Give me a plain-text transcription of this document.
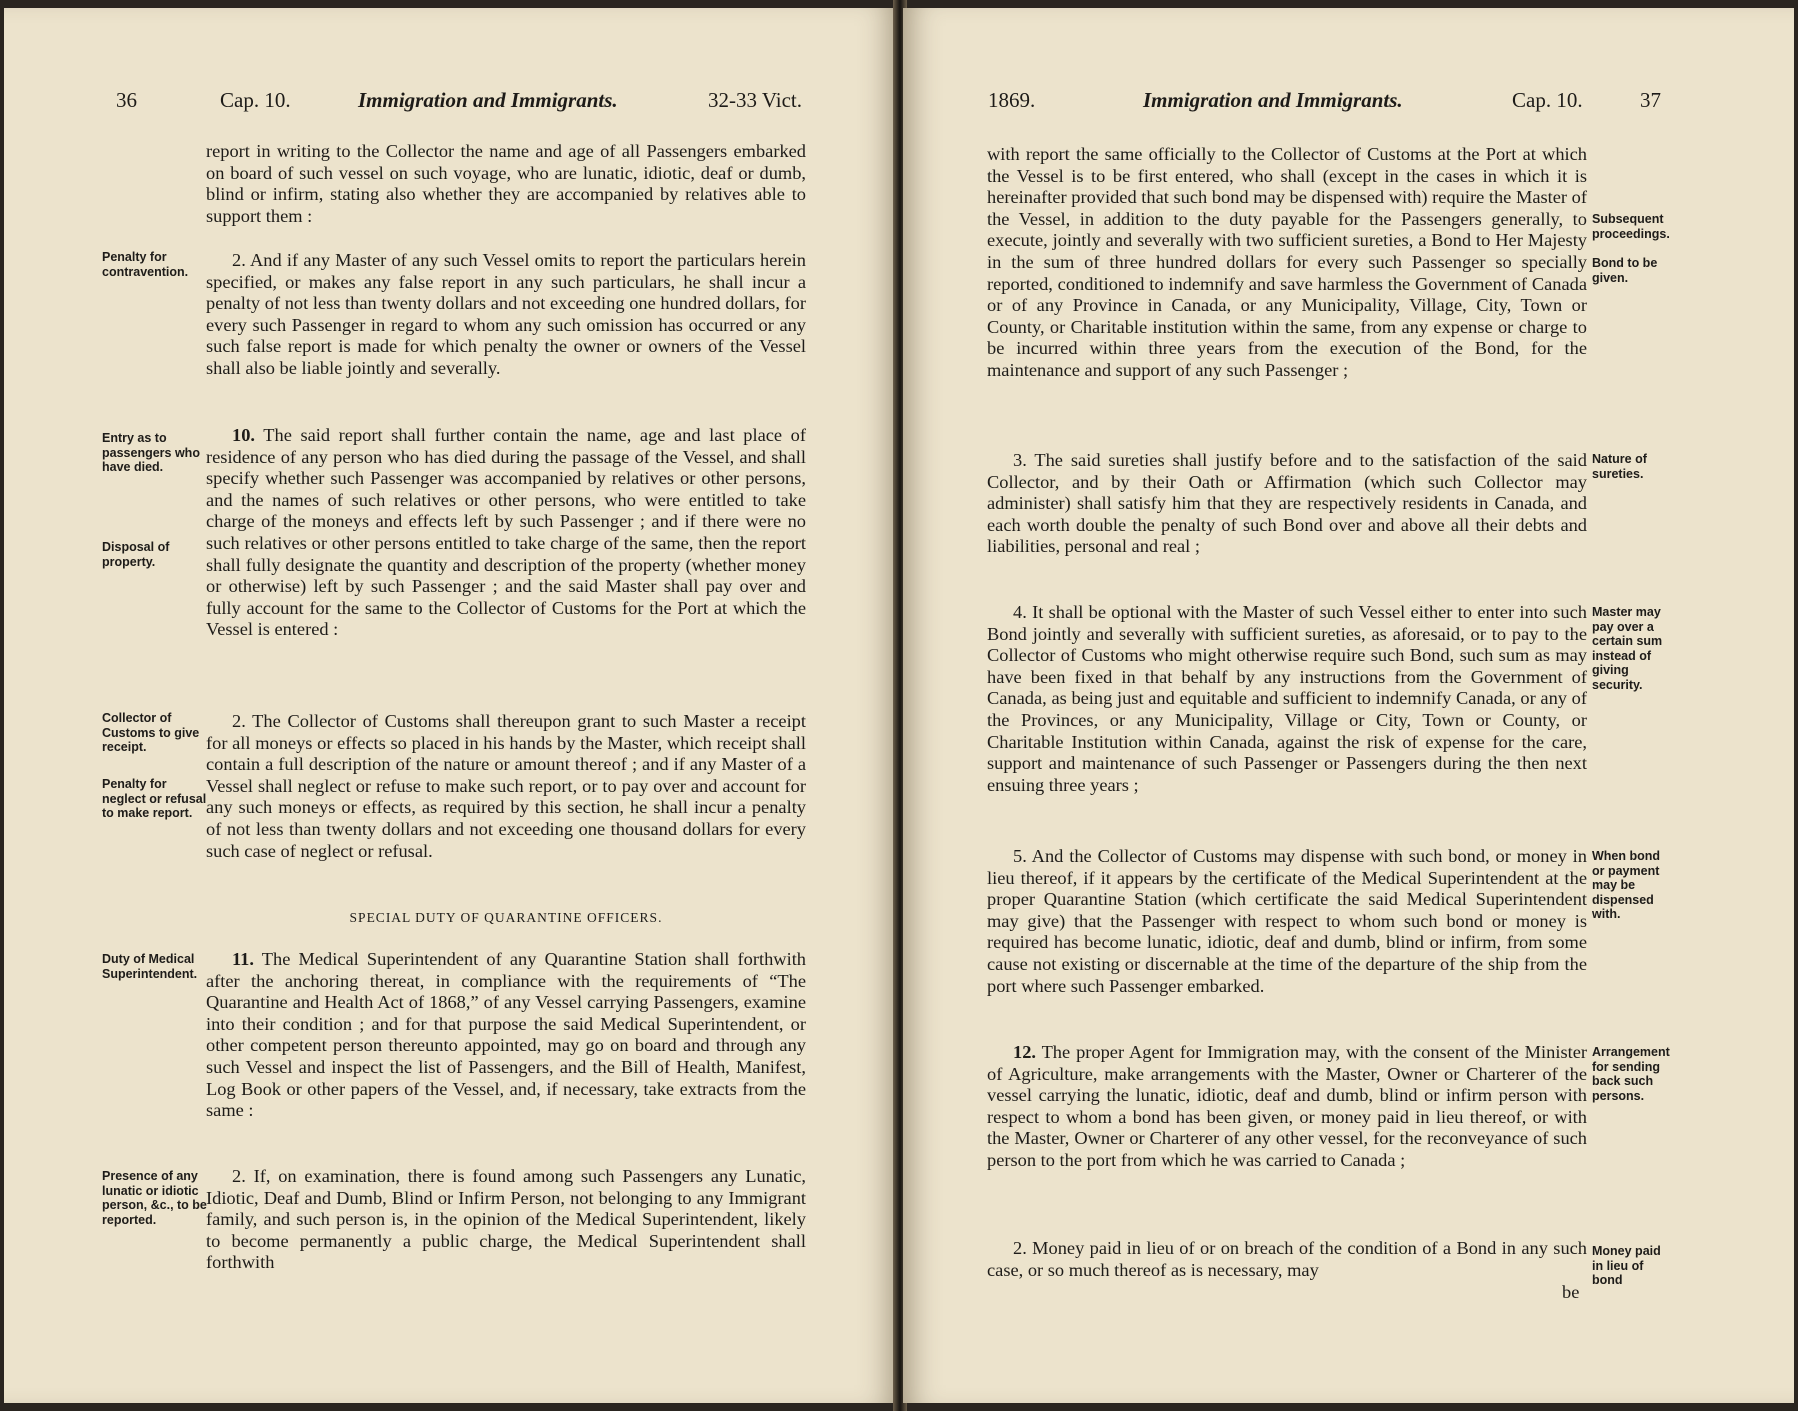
36	Cap. 10.	Immigration and Immigrants.	32-33 Vict.

report in writing to the Collector the name and age of all Passengers embarked on board of such vessel on such voyage, who are lunatic, idiotic, deaf or dumb, blind or infirm, stating also whether they are accompanied by relatives able to support them :

2. And if any Master of any such Vessel omits to report the particulars herein specified, or makes any false report in any such particulars, he shall incur a penalty of not less than twenty dollars and not exceeding one hundred dollars, for every such Passenger in regard to whom any such omission has occurred or any such false report is made for which penalty the owner or owners of the Vessel shall also be liable jointly and severally.

10. The said report shall further contain the name, age and last place of residence of any person who has died during the passage of the Vessel, and shall specify whether such Passenger was accompanied by relatives or other persons, and the names of such relatives or other persons, who were entitled to take charge of the moneys and effects left by such Passenger ; and if there were no such relatives or other persons entitled to take charge of the same, then the report shall fully designate the quantity and description of the property (whether money or otherwise) left by such Passenger ; and the said Master shall pay over and fully account for the same to the Collector of Customs for the Port at which the Vessel is entered :

2. The Collector of Customs shall thereupon grant to such Master a receipt for all moneys or effects so placed in his hands by the Master, which receipt shall contain a full description of the nature or amount thereof ; and if any Master of a Vessel shall neglect or refuse to make such report, or to pay over and account for any such moneys or effects, as required by this section, he shall incur a penalty of not less than twenty dollars and not exceeding one thousand dollars for every such case of neglect or refusal.

SPECIAL DUTY OF QUARANTINE OFFICERS.

11. The Medical Superintendent of any Quarantine Station shall forthwith after the anchoring thereat, in compliance with the requirements of “The Quarantine and Health Act of 1868,” of any Vessel carrying Passengers, examine into their condition ; and for that purpose the said Medical Superintendent, or other competent person thereunto appointed, may go on board and through any such Vessel and inspect the list of Passengers, and the Bill of Health, Manifest, Log Book or other papers of the Vessel, and, if necessary, take extracts from the same :

2. If, on examination, there is found among such Passengers any Lunatic, Idiotic, Deaf and Dumb, Blind or Infirm Person, not belonging to any Immigrant family, and such person is, in the opinion of the Medical Superintendent, likely to become permanently a public charge, the Medical Superintendent shall forthwith

Penalty for contravention.
Entry as to passengers who have died.
Disposal of property.
Collector of Customs to give receipt.
Penalty for neglect or refusal to make report.
Duty of Medical Superintendent.
Presence of any lunatic or idiotic person, &c., to be reported.
1869.	Immigration and Immigrants.	Cap. 10.	37

with report the same officially to the Collector of Customs at the Port at which the Vessel is to be first entered, who shall (except in the cases in which it is hereinafter provided that such bond may be dispensed with) require the Master of the Vessel, in addition to the duty payable for the Passengers generally, to execute, jointly and severally with two sufficient sureties, a Bond to Her Majesty in the sum of three hundred dollars for every such Passenger so specially reported, conditioned to indemnify and save harmless the Government of Canada or of any Province in Canada, or any Municipality, Village, City, Town or County, or Charitable institution within the same, from any expense or charge to be incurred within three years from the execution of the Bond, for the maintenance and support of any such Passenger ;

3. The said sureties shall justify before and to the satisfaction of the said Collector, and by their Oath or Affirmation (which such Collector may administer) shall satisfy him that they are respectively residents in Canada, and each worth double the penalty of such Bond over and above all their debts and liabilities, personal and real ;

4. It shall be optional with the Master of such Vessel either to enter into such Bond jointly and severally with sufficient sureties, as aforesaid, or to pay to the Collector of Customs who might otherwise require such Bond, such sum as may have been fixed in that behalf by any instructions from the Government of Canada, as being just and equitable and sufficient to indemnify Canada, or any of the Provinces, or any Municipality, Village or City, Town or County, or Charitable Institution within Canada, against the risk of expense for the care, support and maintenance of such Passenger or Passengers during the then next ensuing three years ;

5. And the Collector of Customs may dispense with such bond, or money in lieu thereof, if it appears by the certificate of the Medical Superintendent at the proper Quarantine Station (which certificate the said Medical Superintendent may give) that the Passenger with respect to whom such bond or money is required has become lunatic, idiotic, deaf and dumb, blind or infirm, from some cause not existing or discernable at the time of the departure of the ship from the port where such Passenger embarked.

12. The proper Agent for Immigration may, with the consent of the Minister of Agriculture, make arrangements with the Master, Owner or Charterer of the vessel carrying the lunatic, idiotic, deaf and dumb, blind or infirm person with respect to whom a bond has been given, or money paid in lieu thereof, or with the Master, Owner or Charterer of any other vessel, for the reconveyance of such person to the port from which he was carried to Canada ;

2. Money paid in lieu of or on breach of the condition of a Bond in any such case, or so much thereof as is necessary, may

be
Subsequent proceedings.
Bond to be given.
Nature of sureties.
Master may pay over a certain sum instead of giving security.
When bond or payment may be dispensed with.
Arrangement for sending back such persons.
Money paid in lieu of bond
